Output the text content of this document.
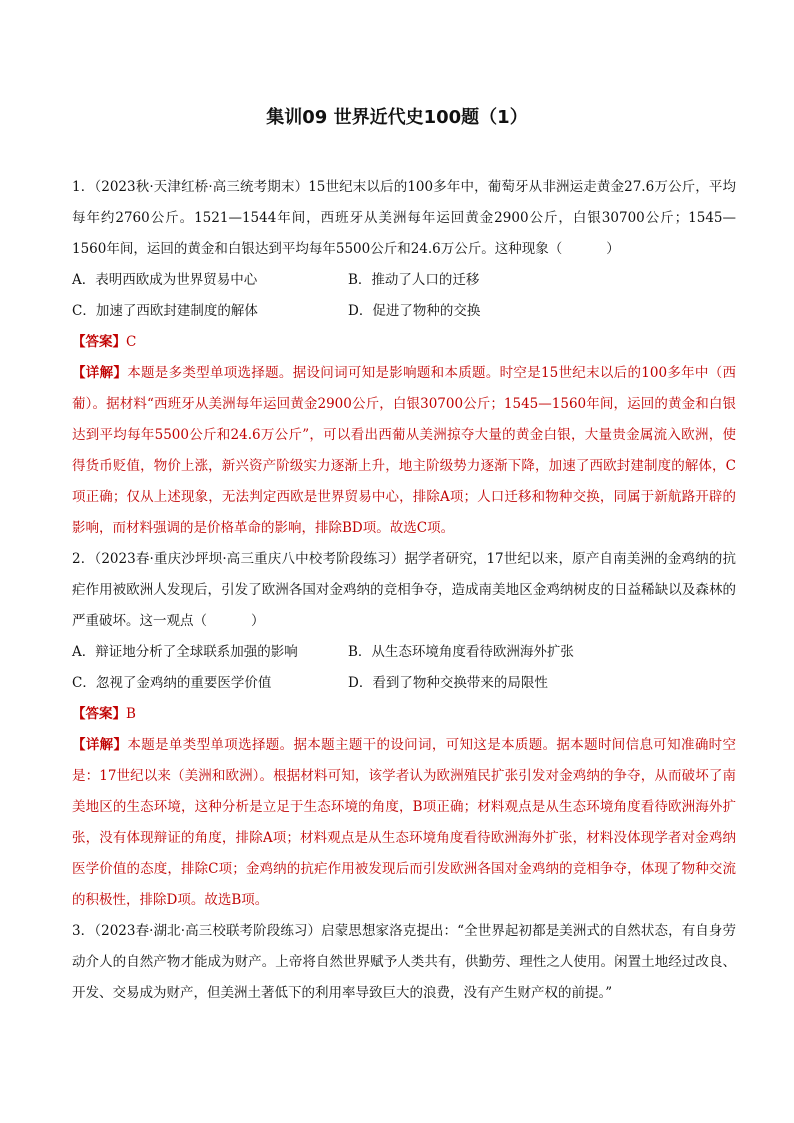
集训09 世界近代史100题（1）

1．（2023秋·天津红桥·高三统考期末）15世纪末以后的100多年中，葡萄牙从非洲运走黄金27.6万公斤，平均每年约2760公斤。1521—1544年间，西班牙从美洲每年运回黄金2900公斤，白银30700公斤；1545—1560年间，运回的黄金和白银达到平均每年5500公斤和24.6万公斤。这种现象（	）

A．表明西欧成为世界贸易中心	B．推动了人口的迁移
C．加速了西欧封建制度的解体	D．促进了物种的交换

【答案】C

【详解】本题是多类型单项选择题。据设问词可知是影响题和本质题。时空是15世纪末以后的100多年中（西葡）。据材料“西班牙从美洲每年运回黄金2900公斤，白银30700公斤；1545—1560年间，运回的黄金和白银达到平均每年5500公斤和24.6万公斤”，可以看出西葡从美洲掠夺大量的黄金白银，大量贵金属流入欧洲，使得货币贬值，物价上涨，新兴资产阶级实力逐渐上升，地主阶级势力逐渐下降，加速了西欧封建制度的解体，C项正确；仅从上述现象，无法判定西欧是世界贸易中心，排除A项；人口迁移和物种交换，同属于新航路开辟的影响，而材料强调的是价格革命的影响，排除BD项。故选C项。

2．（2023春·重庆沙坪坝·高三重庆八中校考阶段练习）据学者研究，17世纪以来，原产自南美洲的金鸡纳的抗疟作用被欧洲人发现后，引发了欧洲各国对金鸡纳的竞相争夺，造成南美地区金鸡纳树皮的日益稀缺以及森林的严重破坏。这一观点（	）

A．辩证地分析了全球联系加强的影响	B．从生态环境角度看待欧洲海外扩张
C．忽视了金鸡纳的重要医学价值	D．看到了物种交换带来的局限性

【答案】B

【详解】本题是单类型单项选择题。据本题主题干的设问词，可知这是本质题。据本题时间信息可知准确时空是：17世纪以来（美洲和欧洲）。根据材料可知，该学者认为欧洲殖民扩张引发对金鸡纳的争夺，从而破坏了南美地区的生态环境，这种分析是立足于生态环境的角度，B项正确；材料观点是从生态环境角度看待欧洲海外扩张，没有体现辩证的角度，排除A项；材料观点是从生态环境角度看待欧洲海外扩张，材料没体现学者对金鸡纳医学价值的态度，排除C项；金鸡纳的抗疟作用被发现后而引发欧洲各国对金鸡纳的竞相争夺，体现了物种交流的积极性，排除D项。故选B项。

3．（2023春·湖北·高三校联考阶段练习）启蒙思想家洛克提出：“全世界起初都是美洲式的自然状态，有自身劳动介人的自然产物才能成为财产。上帝将自然世界赋予人类共有，供勤劳、理性之人使用。闲置土地经过改良、开发、交易成为财产，但美洲土著低下的利用率导致巨大的浪费，没有产生财产权的前提。”
